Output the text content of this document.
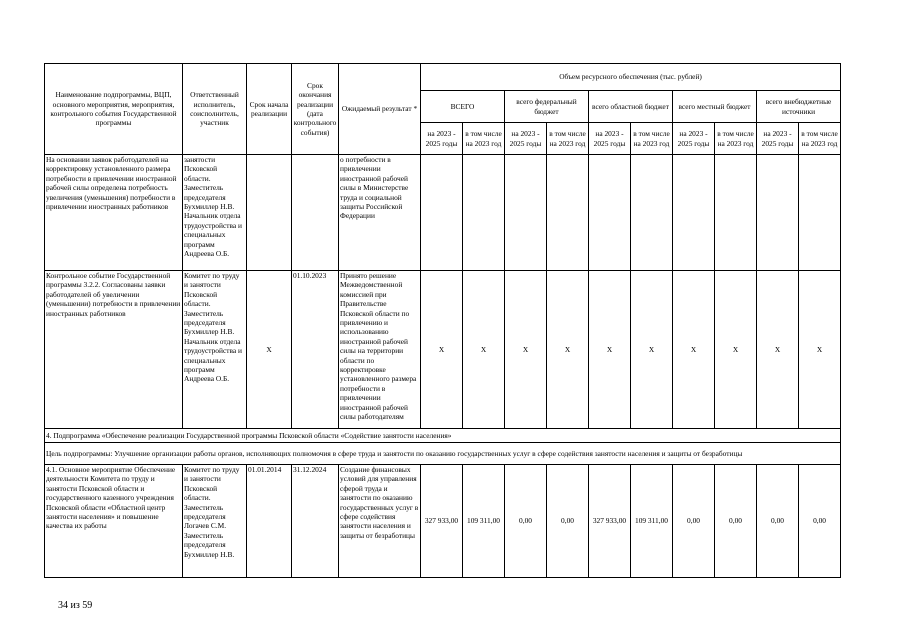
Наименование подпрограммы, ВЦП, основного мероприятия, мероприятия, контрольного события Государственной программы	Ответственный исполнитель, соисполнитель, участник	Срок начала реализации	Срок окончания реализации (дата контрольного события)	Ожидаемый результат *	Объем ресурсного обеспечения (тыс. рублей)									
					ВСЕГО		всего федеральный бюджет		всего областной бюджет		всего местный бюджет		всего внебюджетные источники	
					на 2023 - 2025 годы	в том числе на 2023 год	на 2023 - 2025 годы	в том числе на 2023 год	на 2023 - 2025 годы	в том числе на 2023 год	на 2023 - 2025 годы	в том числе на 2023 год	на 2023 - 2025 годы	в том числе на 2023 год
На основании заявок работодателей на корректировку установленного размера потребности в привлечении иностранной рабочей силы определена потребность увеличения (уменьшения) потребности в привлечении иностранных работников	занятости Псковской области. Заместитель председателя Бухмиллер Н.В. Начальник отдела трудоустройства и специальных программ Андреева О.Б.			о потребности в привлечении иностранной рабочей силы в Министерстве труда и социальной защиты Российской Федерации										
Контрольное событие Государственной программы 3.2.2. Согласованы заявки работодателей об увеличении (уменьшении) потребности в привлечении иностранных работников	Комитет по труду и занятости Псковской области. Заместитель председателя Бухмиллер Н.В. Начальник отдела трудоустройства и специальных программ Андреева О.Б.	X	01.10.2023	Принято решение Межведомственной комиссией при Правительстве Псковской области по привлечению и использованию иностранной рабочей силы на территории области по корректировке установленного размера потребности в привлечении иностранной рабочей силы работодателям	X	X	X	X	X	X	X	X	X	X
4. Подпрограмма «Обеспечение реализации Государственной программы Псковской области «Содействие занятости населения»														
Цель подпрограммы: Улучшение организации работы органов, исполняющих полномочия в сфере труда и занятости по оказанию государственных услуг в сфере содействия занятости населения и защиты от безработицы														
4.1. Основное мероприятие Обеспечение деятельности Комитета по труду и занятости Псковской области и государственного казенного учреждения Псковской области «Областной центр занятости населения» и повышение качества их работы	Комитет по труду и занятости Псковской области. Заместитель председателя Логачев С.М. Заместитель председателя Бухмиллер Н.В.	01.01.2014	31.12.2024	Создание финансовых условий для управления сферой труда и занятости по оказанию государственных услуг в сфере содействия занятости населения и защиты от безработицы	327 933,00	109 311,00	0,00	0,00	327 933,00	109 311,00	0,00	0,00	0,00	0,00
34 из 59
